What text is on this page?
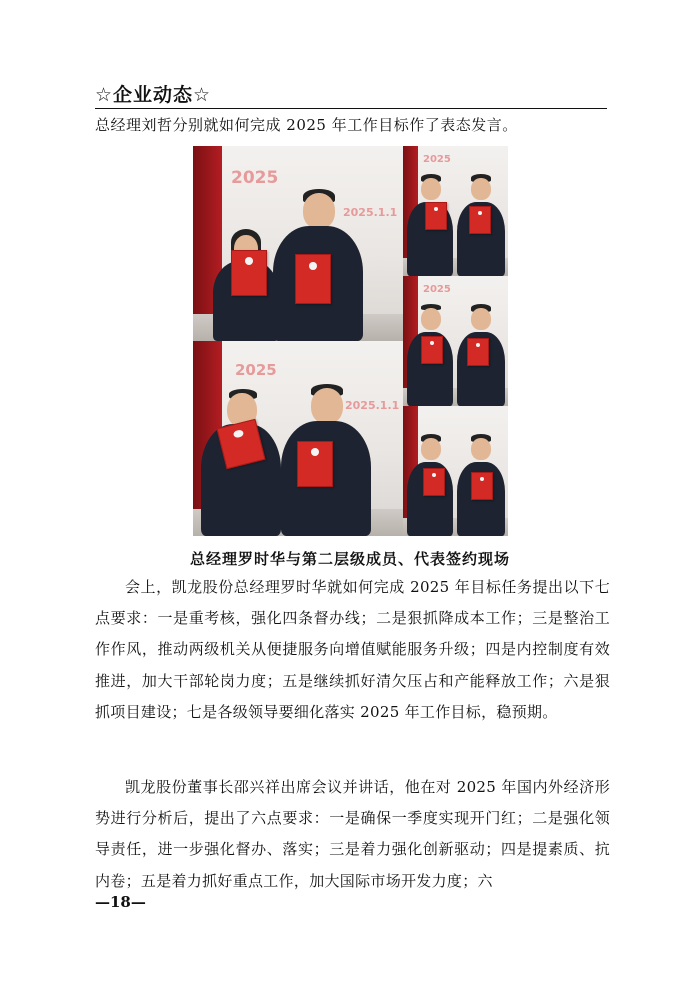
☆企业动态☆
总经理刘哲分别就如何完成 2025 年工作目标作了表态发言。
2025
2025.1.1
2025
2025.1.1
2025
2025
总经理罗时华与第二层级成员、代表签约现场

会上，凯龙股份总经理罗时华就如何完成 2025 年目标任务提出以下七点要求：一是重考核，强化四条督办线；二是狠抓降成本工作；三是整治工作作风，推动两级机关从便捷服务向增值赋能服务升级；四是内控制度有效推进，加大干部轮岗力度；五是继续抓好清欠压占和产能释放工作；六是狠抓项目建设；七是各级领导要细化落实 2025 年工作目标，稳预期。

凯龙股份董事长邵兴祥出席会议并讲话，他在对 2025 年国内外经济形势进行分析后，提出了六点要求：一是确保一季度实现开门红；二是强化领导责任，进一步强化督办、落实；三是着力强化创新驱动；四是提素质、抗内卷；五是着力抓好重点工作，加大国际市场开发力度；六

—18—
